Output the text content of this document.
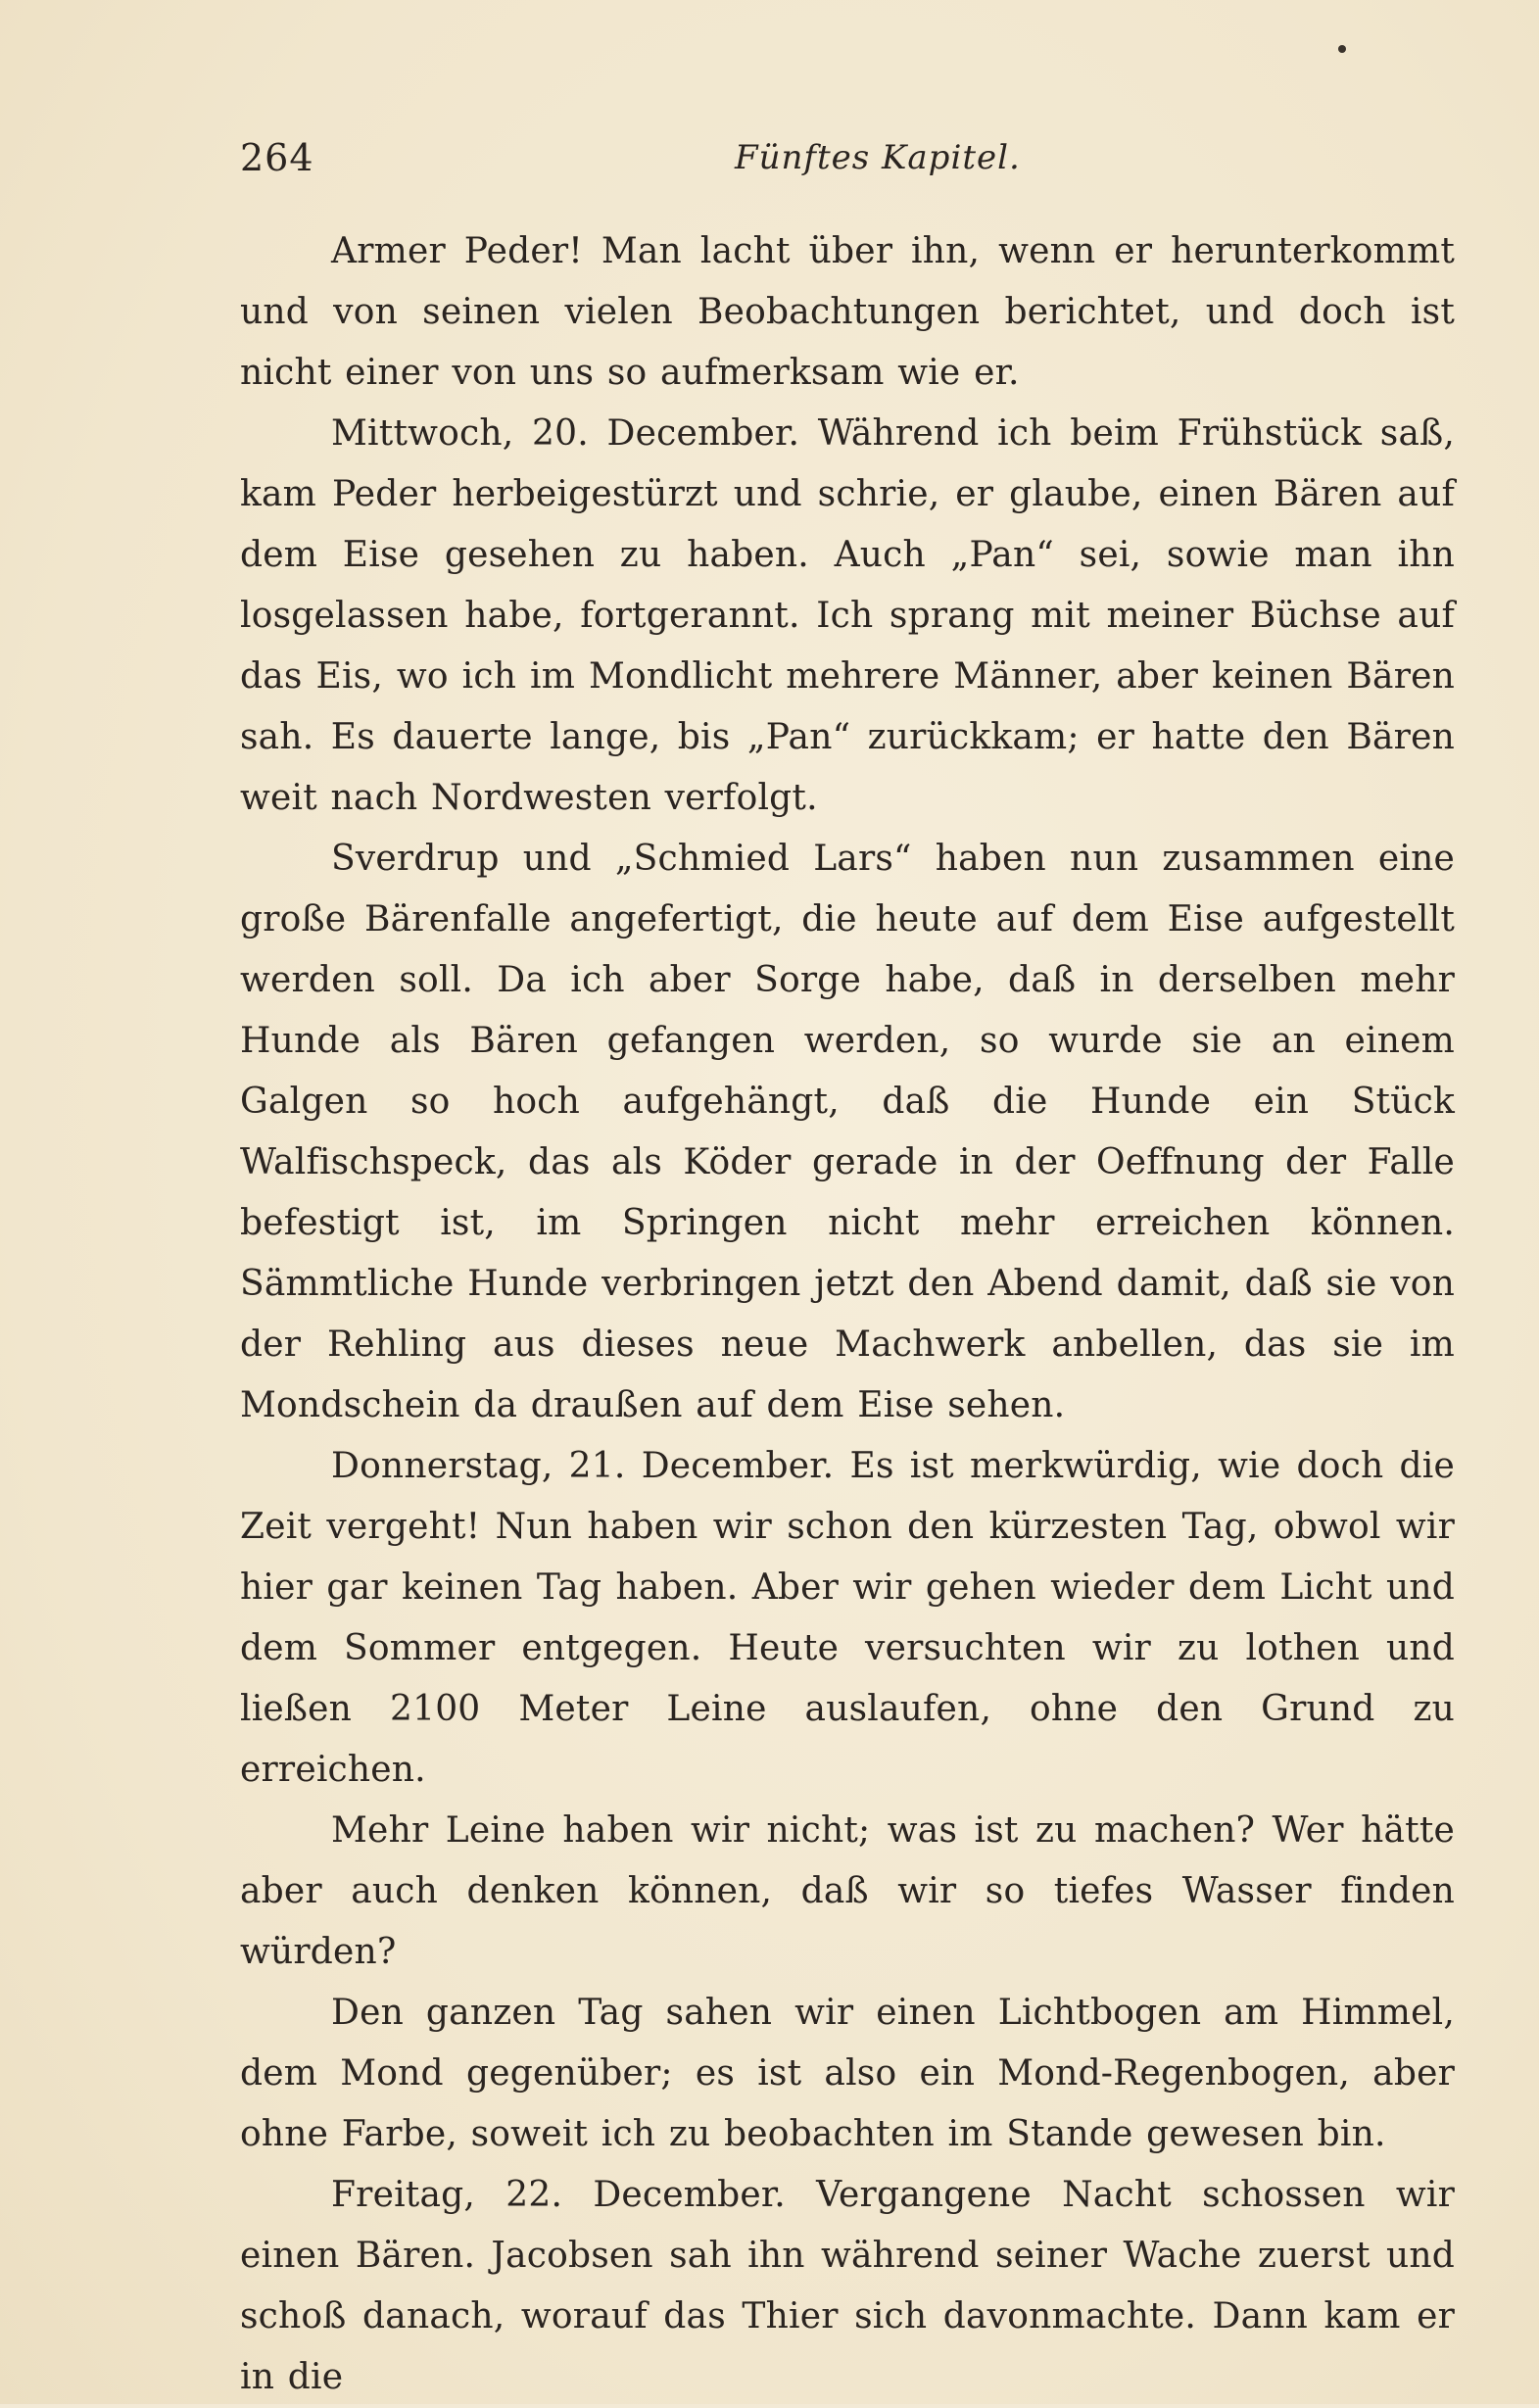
264	Fünftes Kapitel.

Armer Peder! Man lacht über ihn, wenn er herunterkommt und von seinen vielen Beobachtungen berichtet, und doch ist nicht einer von uns so aufmerksam wie er.

Mittwoch, 20. December. Während ich beim Frühstück saß, kam Peder herbeigestürzt und schrie, er glaube, einen Bären auf dem Eise gesehen zu haben. Auch „Pan“ sei, sowie man ihn losgelassen habe, fortgerannt. Ich sprang mit meiner Büchse auf das Eis, wo ich im Mondlicht mehrere Männer, aber keinen Bären sah. Es dauerte lange, bis „Pan“ zurückkam; er hatte den Bären weit nach Nordwesten verfolgt.

Sverdrup und „Schmied Lars“ haben nun zusammen eine große Bärenfalle angefertigt, die heute auf dem Eise aufgestellt werden soll. Da ich aber Sorge habe, daß in derselben mehr Hunde als Bären gefangen werden, so wurde sie an einem Galgen so hoch aufgehängt, daß die Hunde ein Stück Walfischspeck, das als Köder gerade in der Oeffnung der Falle befestigt ist, im Springen nicht mehr erreichen können. Sämmtliche Hunde verbringen jetzt den Abend damit, daß sie von der Rehling aus dieses neue Machwerk anbellen, das sie im Mondschein da draußen auf dem Eise sehen.

Donnerstag, 21. December. Es ist merkwürdig, wie doch die Zeit vergeht! Nun haben wir schon den kürzesten Tag, obwol wir hier gar keinen Tag haben. Aber wir gehen wieder dem Licht und dem Sommer entgegen. Heute versuchten wir zu lothen und ließen 2100 Meter Leine auslaufen, ohne den Grund zu erreichen.

Mehr Leine haben wir nicht; was ist zu machen? Wer hätte aber auch denken können, daß wir so tiefes Wasser finden würden?

Den ganzen Tag sahen wir einen Lichtbogen am Himmel, dem Mond gegenüber; es ist also ein Mond-Regenbogen, aber ohne Farbe, soweit ich zu beobachten im Stande gewesen bin.

Freitag, 22. December. Vergangene Nacht schossen wir einen Bären. Jacobsen sah ihn während seiner Wache zuerst und schoß danach, worauf das Thier sich davonmachte. Dann kam er in die
